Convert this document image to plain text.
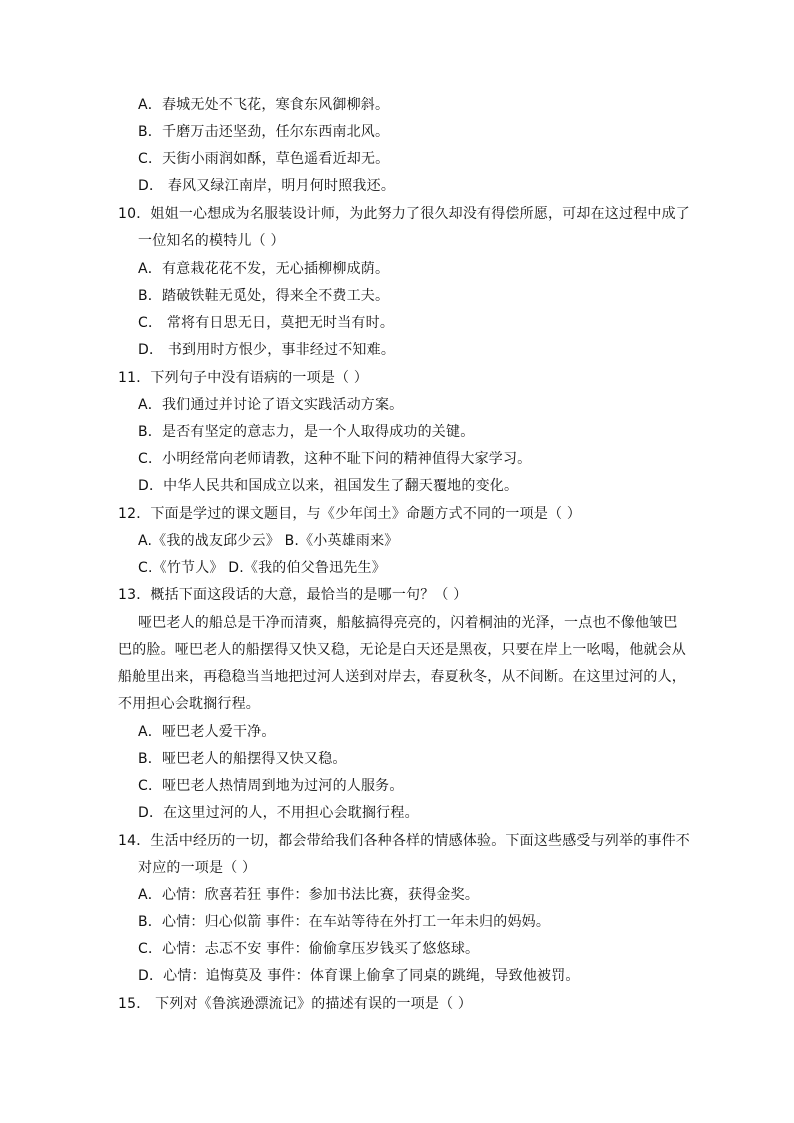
A．春城无处不飞花，寒食东风御柳斜。
B．千磨万击还坚劲，任尔东西南北风。
C．天街小雨润如酥，草色遥看近却无。
D． 春风又绿江南岸，明月何时照我还。
10．姐姐一心想成为名服装设计师，为此努力了很久却没有得偿所愿，可却在这过程中成了
一位知名的模特儿（ ）
A．有意栽花花不发，无心插柳柳成荫。
B．踏破铁鞋无觅处，得来全不费工夫。
C． 常将有日思无日，莫把无时当有时。
D． 书到用时方恨少，事非经过不知难。
11．下列句子中没有语病的一项是（ ）
A．我们通过并讨论了语文实践活动方案。
B．是否有坚定的意志力，是一个人取得成功的关键。
C．小明经常向老师请教，这种不耻下问的精神值得大家学习。
D．中华人民共和国成立以来，祖国发生了翻天覆地的变化。
12．下面是学过的课文题目，与《少年闰土》命题方式不同的一项是（ ）
A.《我的战友邱少云》 B.《小英雄雨来》
C.《竹节人》 D.《我的伯父鲁迅先生》
13．概括下面这段话的大意，最恰当的是哪一句？（ ）
哑巴老人的船总是干净而清爽，船舷搞得亮亮的，闪着桐油的光泽，一点也不像他皱巴
巴的脸。哑巴老人的船摆得又快又稳，无论是白天还是黑夜，只要在岸上一吆喝，他就会从
船舱里出来，再稳稳当当地把过河人送到对岸去，春夏秋冬，从不间断。在这里过河的人，
不用担心会耽搁行程。
A．哑巴老人爱干净。
B．哑巴老人的船摆得又快又稳。
C．哑巴老人热情周到地为过河的人服务。
D．在这里过河的人，不用担心会耽搁行程。
14．生活中经历的一切，都会带给我们各种各样的情感体验。下面这些感受与列举的事件不
对应的一项是（ ）
A．心情：欣喜若狂 事件：参加书法比赛，获得金奖。
B．心情：归心似箭 事件：在车站等待在外打工一年未归的妈妈。
C．心情：忐忑不安 事件：偷偷拿压岁钱买了悠悠球。
D．心情：追悔莫及 事件：体育课上偷拿了同桌的跳绳，导致他被罚。
15． 下列对《鲁滨逊漂流记》的描述有误的一项是（ ）
